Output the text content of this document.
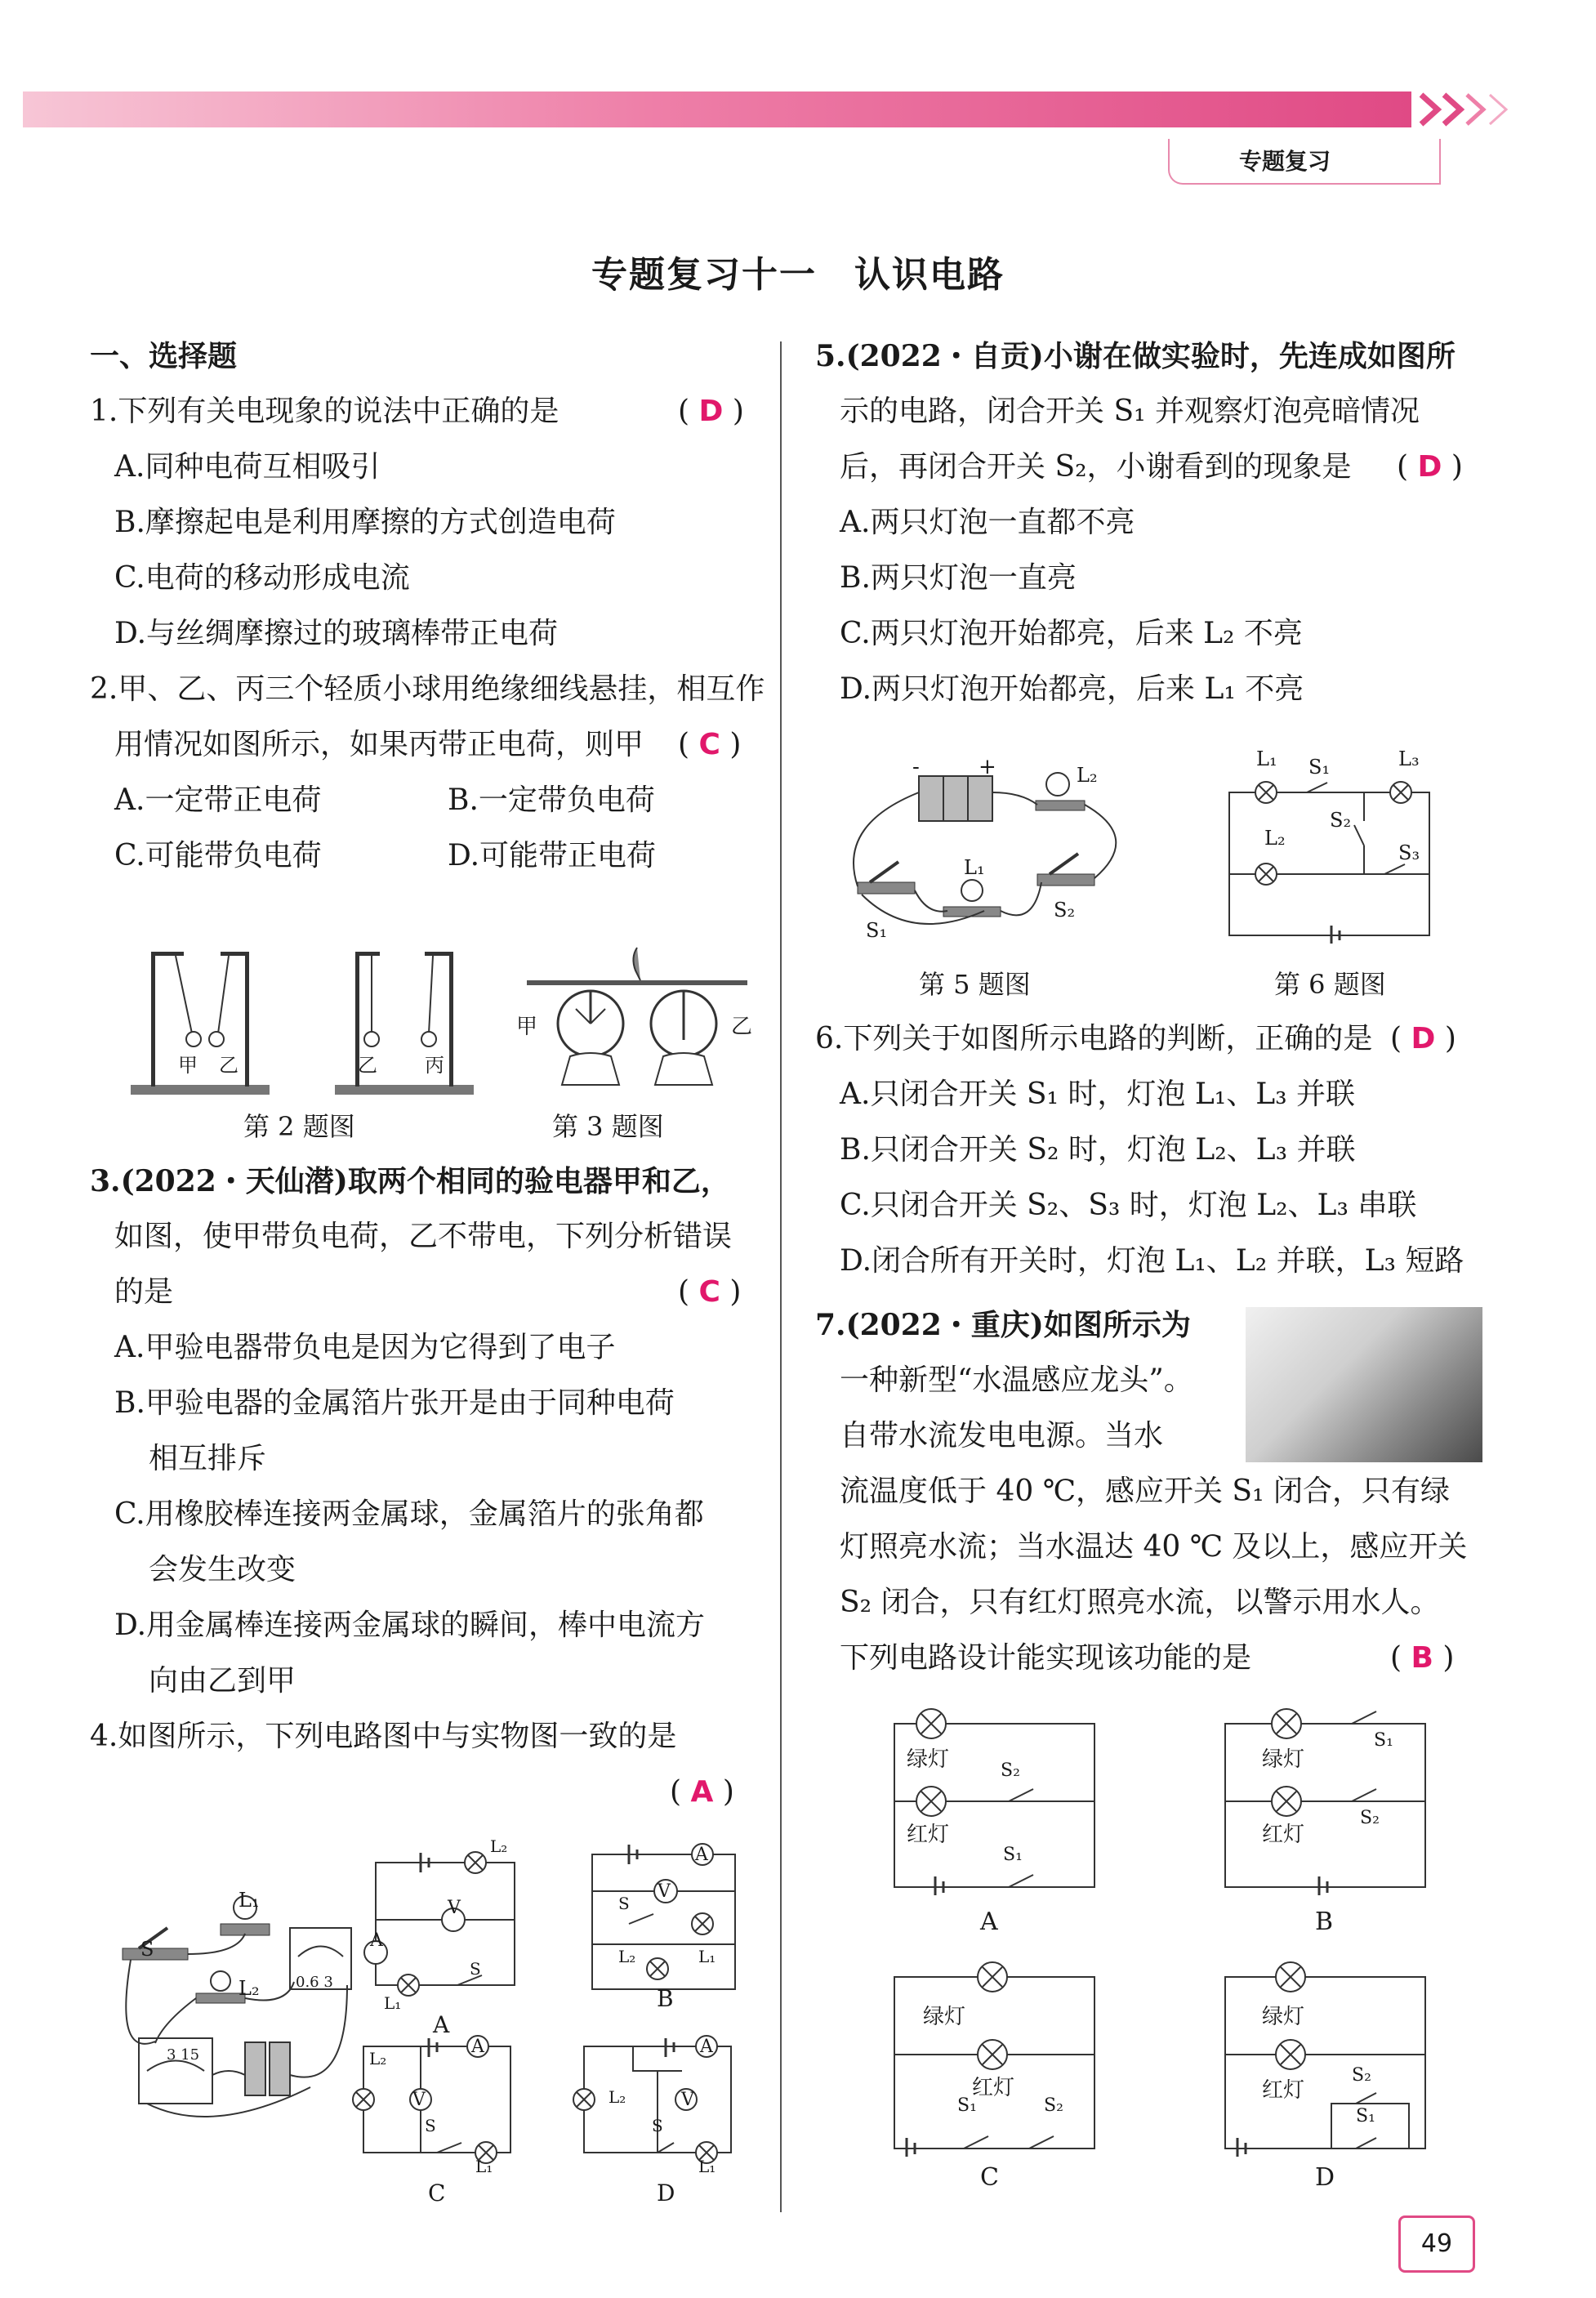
专题复习
专题复习十一　认识电路
一、选择题
1.下列有关电现象的说法中正确的是	( D )
A.同种电荷互相吸引
B.摩擦起电是利用摩擦的方式创造电荷
C.电荷的移动形成电流
D.与丝绸摩擦过的玻璃棒带正电荷
2.甲、乙、丙三个轻质小球用绝缘细线悬挂，相互作
用情况如图所示，如果丙带正电荷，则甲 ( C )
A.一定带正电荷	B.一定带负电荷
C.可能带负电荷	D.可能带正电荷
甲 乙	乙 丙
第 2 题图
甲	乙
第 3 题图
3.(2022・天仙潜)取两个相同的验电器甲和乙，
如图，使甲带负电荷，乙不带电，下列分析错误
的是	( C )
A.甲验电器带负电是因为它得到了电子
B.甲验电器的金属箔片张开是由于同种电荷
相互排斥
C.用橡胶棒连接两金属球，金属箔片的张角都
会发生改变
D.用金属棒连接两金属球的瞬间，棒中电流方
向由乙到甲
4.如图所示，下列电路图中与实物图一致的是
( A )
L₁
S
L₂ 0.6 3
3 15
V
A
L₂
L₁
S
A
V
A
S
L₂	L₁
B
V
A
L₂
S
L₁
C
V
A
L₂
S
L₁
D
5.(2022・自贡)小谢在做实验时，先连成如图所
示的电路，闭合开关 S₁ 并观察灯泡亮暗情况
后，再闭合开关 S₂，小谢看到的现象是 ( D )
A.两只灯泡一直都不亮
B.两只灯泡一直亮
C.两只灯泡开始都亮，后来 L₂ 不亮
D.两只灯泡开始都亮，后来 L₁ 不亮
-	+	L₂
L₁
S₁
S₂
第 5 题图
L₁ S₁	L₃
S₂
L₂
S₃
第 6 题图
6.下列关于如图所示电路的判断，正确的是 ( D )
A.只闭合开关 S₁ 时，灯泡 L₁、L₃ 并联
B.只闭合开关 S₂ 时，灯泡 L₂、L₃ 并联
C.只闭合开关 S₂、S₃ 时，灯泡 L₂、L₃ 串联
D.闭合所有开关时，灯泡 L₁、L₂ 并联，L₃ 短路
7.(2022・重庆)如图所示为
一种新型“水温感应龙头”。
自带水流发电电源。当水
流温度低于 40 ℃，感应开关 S₁ 闭合，只有绿
灯照亮水流；当水温达 40 ℃ 及以上，感应开关
S₂ 闭合，只有红灯照亮水流，以警示用水人。
下列电路设计能实现该功能的是	( B )
绿灯	S₂
红灯
S₁
A
绿灯
S₁
红灯
S₂
B
绿灯
红灯
S₁	S₂
C
绿灯
红灯
S₂
S₁
D
49
